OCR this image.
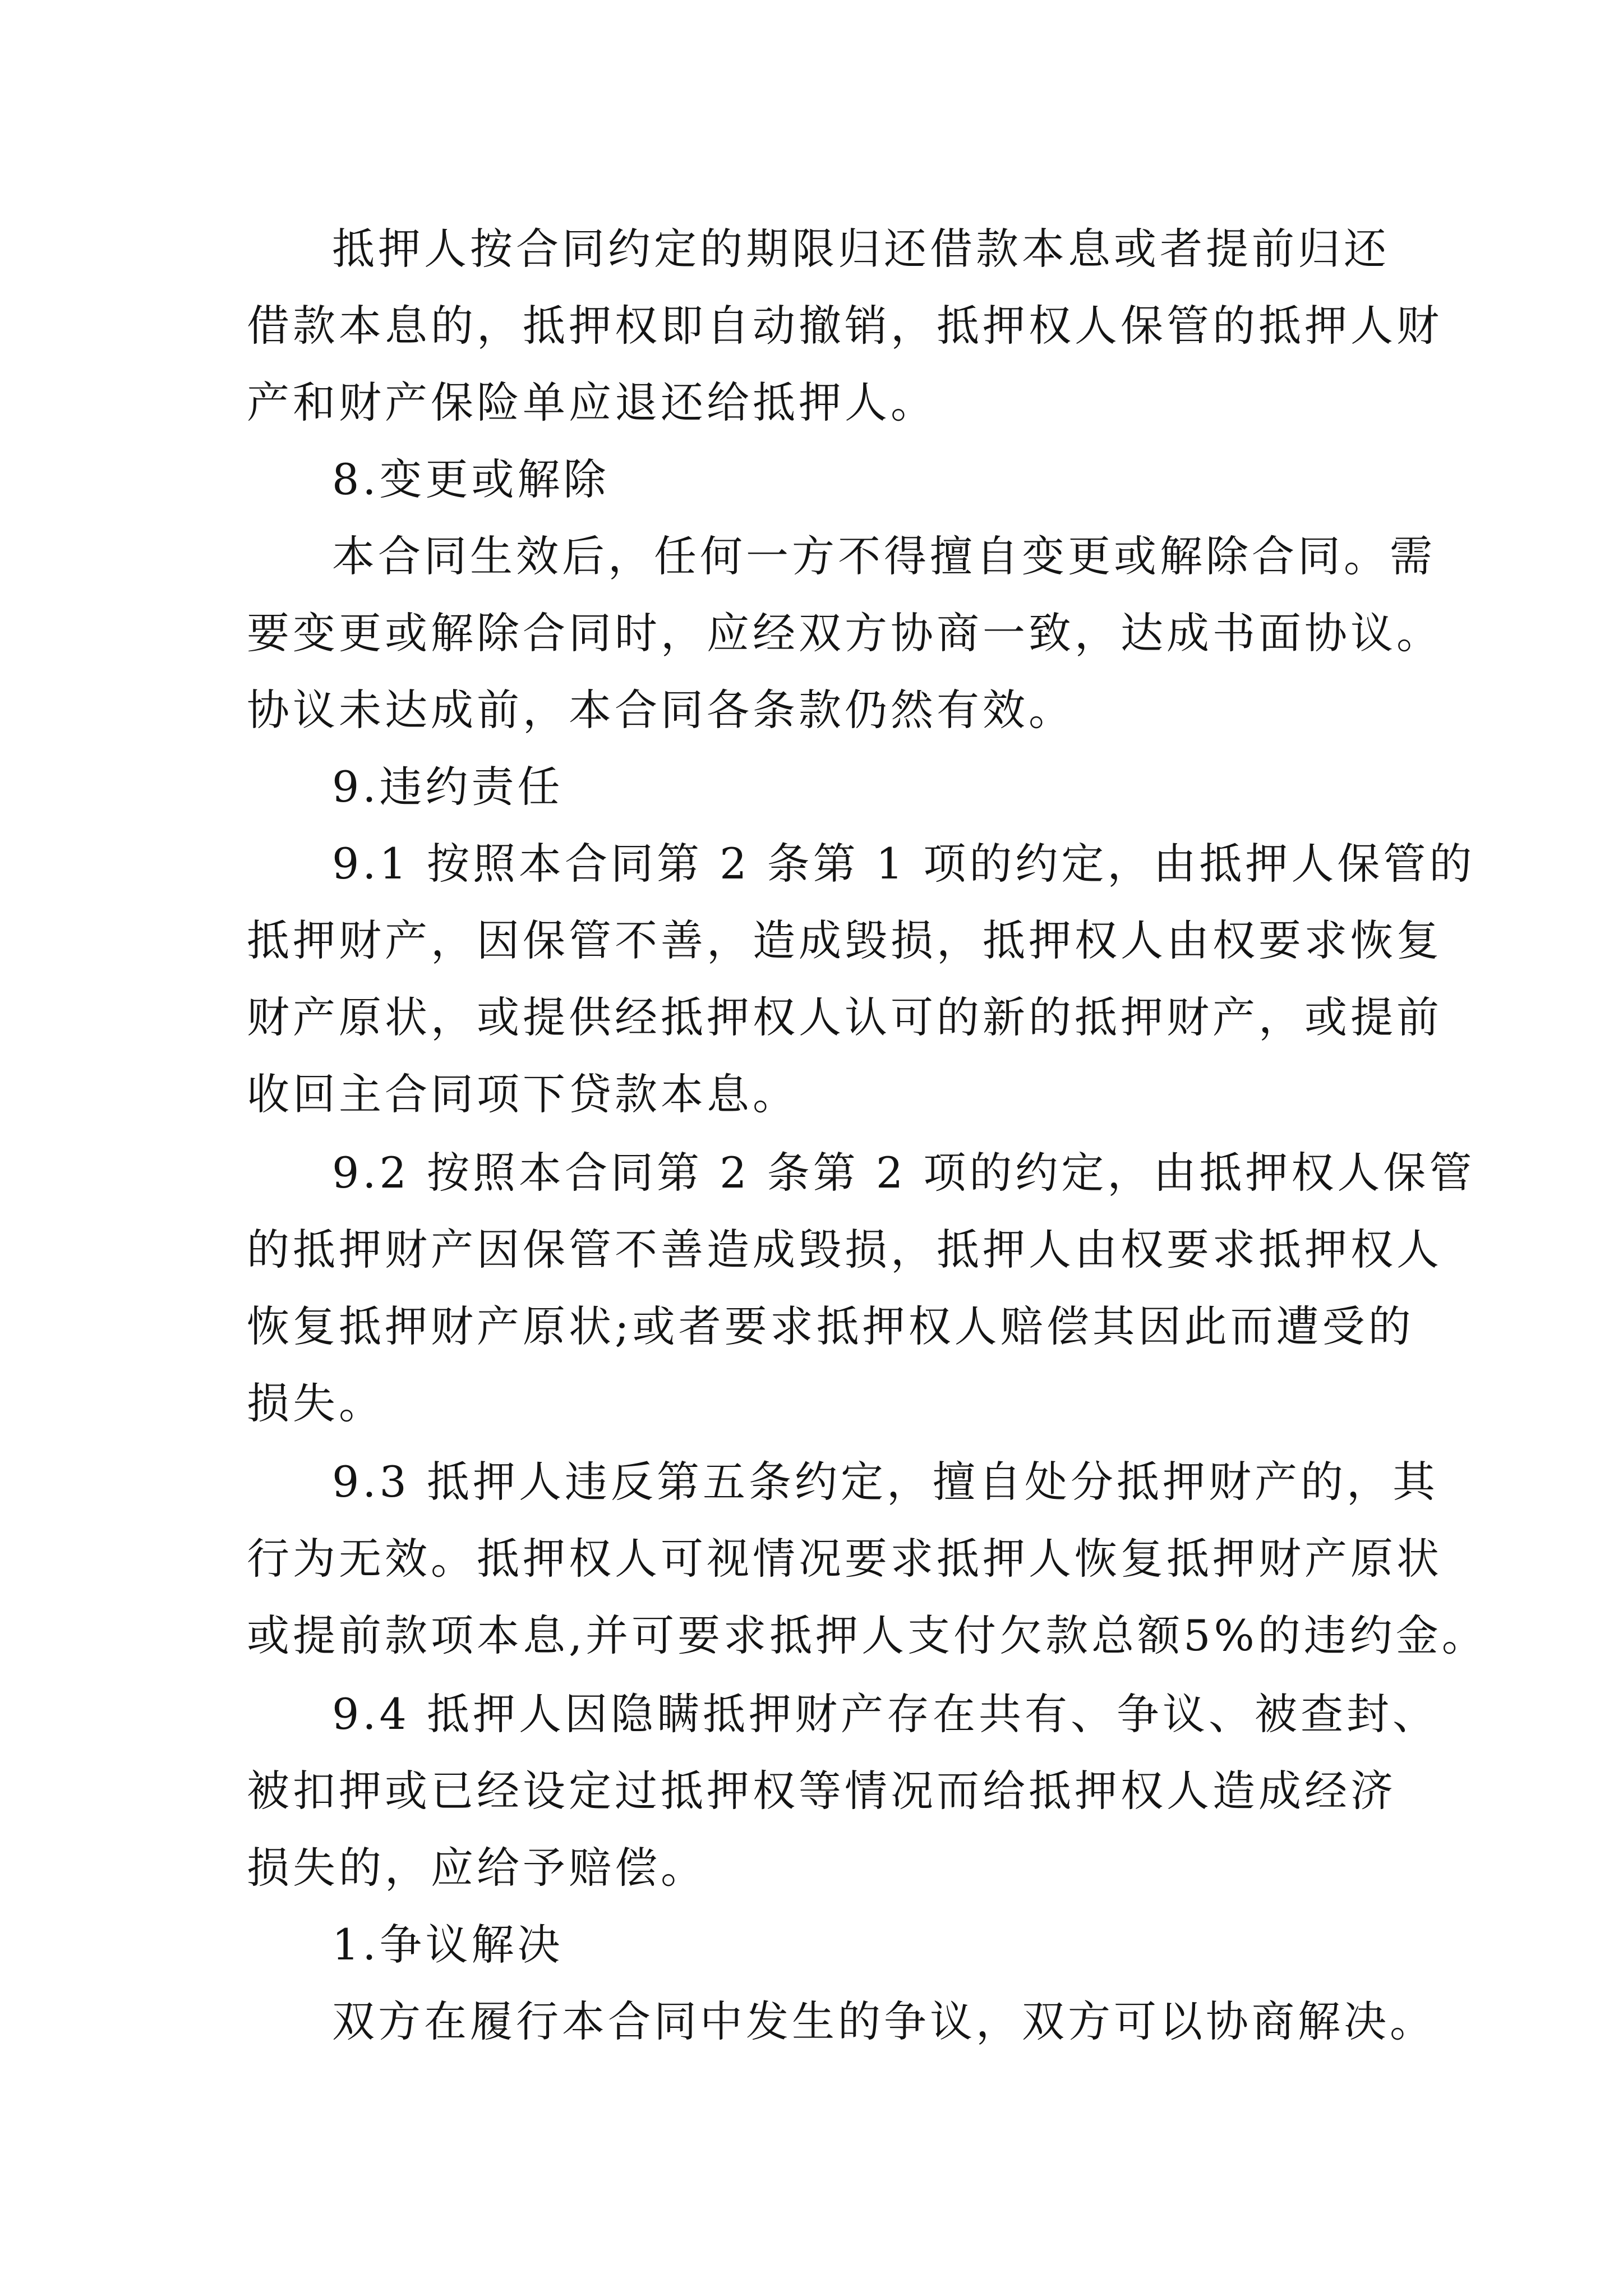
抵押人按合同约定的期限归还借款本息或者提前归还
借款本息的，抵押权即自动撤销，抵押权人保管的抵押人财
产和财产保险单应退还给抵押人。

8.变更或解除

本合同生效后，任何一方不得擅自变更或解除合同。需
要变更或解除合同时，应经双方协商一致，达成书面协议。
协议未达成前，本合同各条款仍然有效。

9.违约责任

9.1 按照本合同第 2 条第 1 项的约定，由抵押人保管的
抵押财产，因保管不善，造成毁损，抵押权人由权要求恢复
财产原状，或提供经抵押权人认可的新的抵押财产，或提前
收回主合同项下贷款本息。

9.2 按照本合同第 2 条第 2 项的约定，由抵押权人保管
的抵押财产因保管不善造成毁损，抵押人由权要求抵押权人
恢复抵押财产原状;或者要求抵押权人赔偿其因此而遭受的
损失。

9.3 抵押人违反第五条约定，擅自处分抵押财产的，其
行为无效。抵押权人可视情况要求抵押人恢复抵押财产原状
或提前款项本息,并可要求抵押人支付欠款总额5%的违约金。

9.4 抵押人因隐瞒抵押财产存在共有、争议、被查封、
被扣押或已经设定过抵押权等情况而给抵押权人造成经济
损失的，应给予赔偿。

1.争议解决

双方在履行本合同中发生的争议，双方可以协商解决。
